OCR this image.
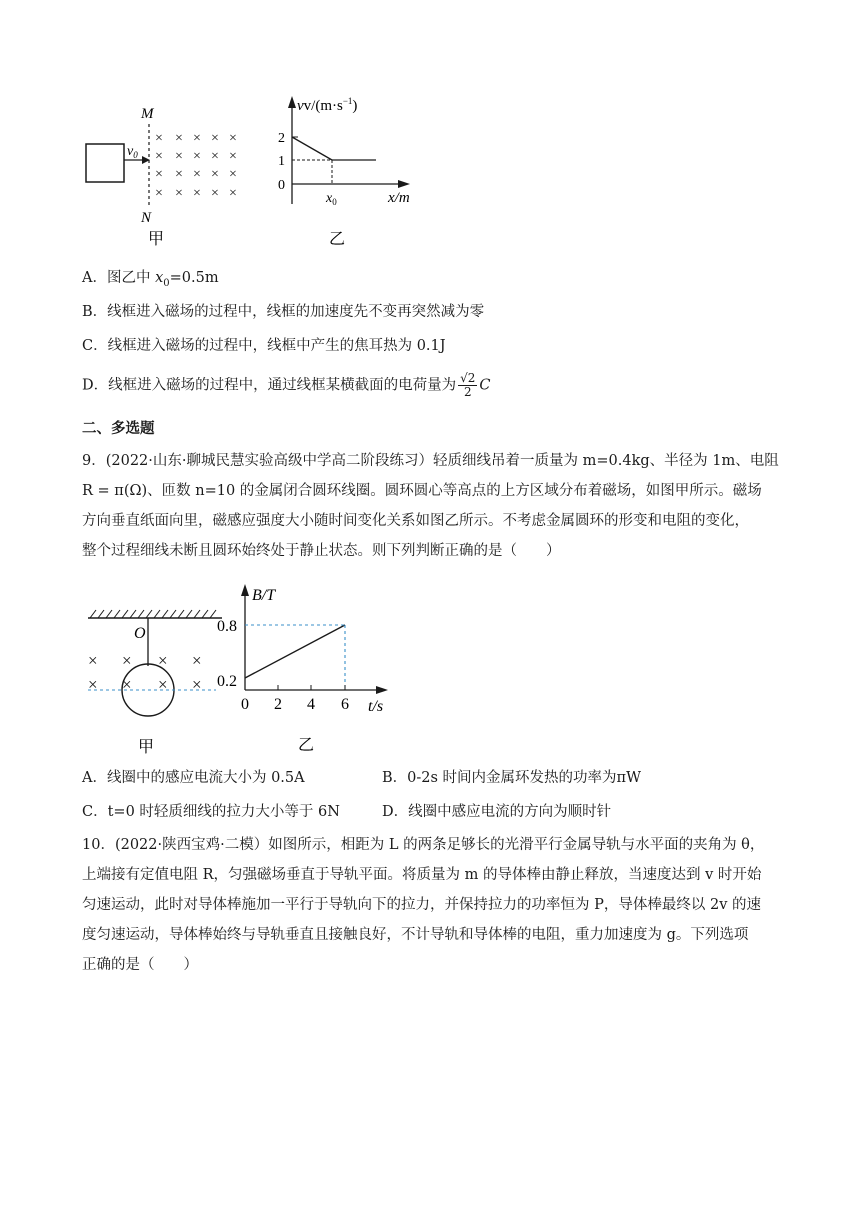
$v_0$
M
N
× × × × ×
× × × × ×
× × × × ×
× × × × ×
甲
$vv/(m\cdot s^{-1})$
2
1
0
$x_0$	x/m
乙
A．图乙中 $x_0=0.5m$
B．线框进入磁场的过程中，线框的加速度先不变再突然减为零
C．线框进入磁场的过程中，线框中产生的焦耳热为 0.1J
D．线框进入磁场的过程中，通过线框某横截面的电荷量为 $\frac{√2}{2}$ C
二、多选题
9．(2022·山东·聊城民慧实验高级中学高二阶段练习）轻质细线吊着一质量为 m=0.4kg、半径为 1m、电阻
R = π(Ω)、匝数 n=10 的金属闭合圆环线圈。圆环圆心等高点的上方区域分布着磁场，如图甲所示。磁场
方向垂直纸面向里，磁感应强度大小随时间变化关系如图乙所示。不考虑金属圆环的形变和电阻的变化，
整个过程细线未断且圆环始终处于静止状态。则下列判断正确的是（　　）
O
× × × ×
× × × ×
甲
B/T
0.8
0.2
0 2 4 6 t/s
乙
A．线圈中的感应电流大小为 0.5A	B．0-2s 时间内金属环发热的功率为πW
C．t=0 时轻质细线的拉力大小等于 6N	D．线圈中感应电流的方向为顺时针
10．(2022·陕西宝鸡·二模）如图所示，相距为 L 的两条足够长的光滑平行金属导轨与水平面的夹角为 θ，
上端接有定值电阻 R，匀强磁场垂直于导轨平面。将质量为 m 的导体棒由静止释放，当速度达到 v 时开始
匀速运动，此时对导体棒施加一平行于导轨向下的拉力，并保持拉力的功率恒为 P，导体棒最终以 2v 的速
度匀速运动，导体棒始终与导轨垂直且接触良好，不计导轨和导体棒的电阻，重力加速度为 g。下列选项
正确的是（　　）
